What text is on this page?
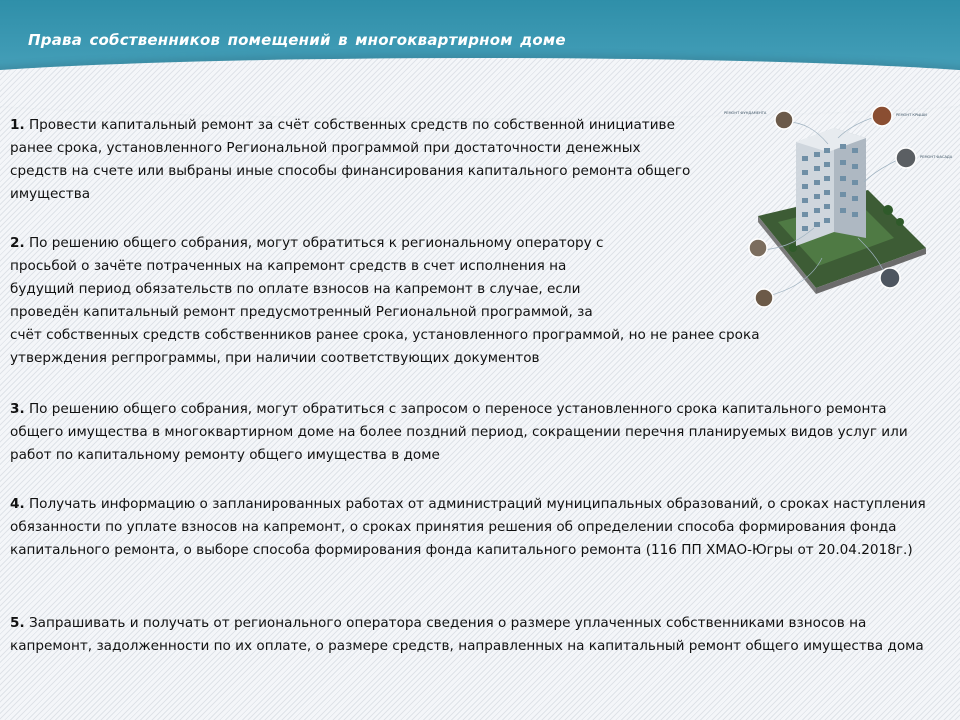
Права собственников помещений в многоквартирном доме

1. Провести капитальный ремонт за счёт собственных средств по собственной инициативе ранее срока, установленного Региональной программой при достаточности денежных средств на счете или выбраны иные способы финансирования капитального ремонта общего имущества

2. По решению общего собрания, могут обратиться к региональному оператору с
просьбой о зачёте потраченных на капремонт средств в счет исполнения на
будущий период обязательств по оплате взносов на капремонт в случае, если
проведён капитальный ремонт предусмотренный Региональной программой, за
счёт собственных средств собственников ранее срока, установленного программой, но не ранее срока
утверждения регпрограммы, при наличии соответствующих документов

3. По решению общего собрания, могут обратиться с запросом о переносе установленного срока капитального ремонта общего имущества в многоквартирном доме на более поздний период, сокращении перечня планируемых видов услуг или работ по капитальному ремонту общего имущества в доме

4. Получать информацию о запланированных работах от администраций муниципальных образований, о сроках наступления обязанности по уплате взносов на капремонт, о сроках принятия решения об определении способа формирования фонда капитального ремонта, о выборе способа формирования фонда капитального ремонта (116 ПП ХМАО-Югры от 20.04.2018г.)

5. Запрашивать и получать от регионального оператора сведения о размере уплаченных собственниками взносов на капремонт, задолженности по их оплате, о размере средств, направленных на капитальный ремонт общего имущества дома

РЕМОНТ ФУНДАМЕНТА	РЕМОНТ КРЫШИ
РЕМОНТ ФАСАДА
